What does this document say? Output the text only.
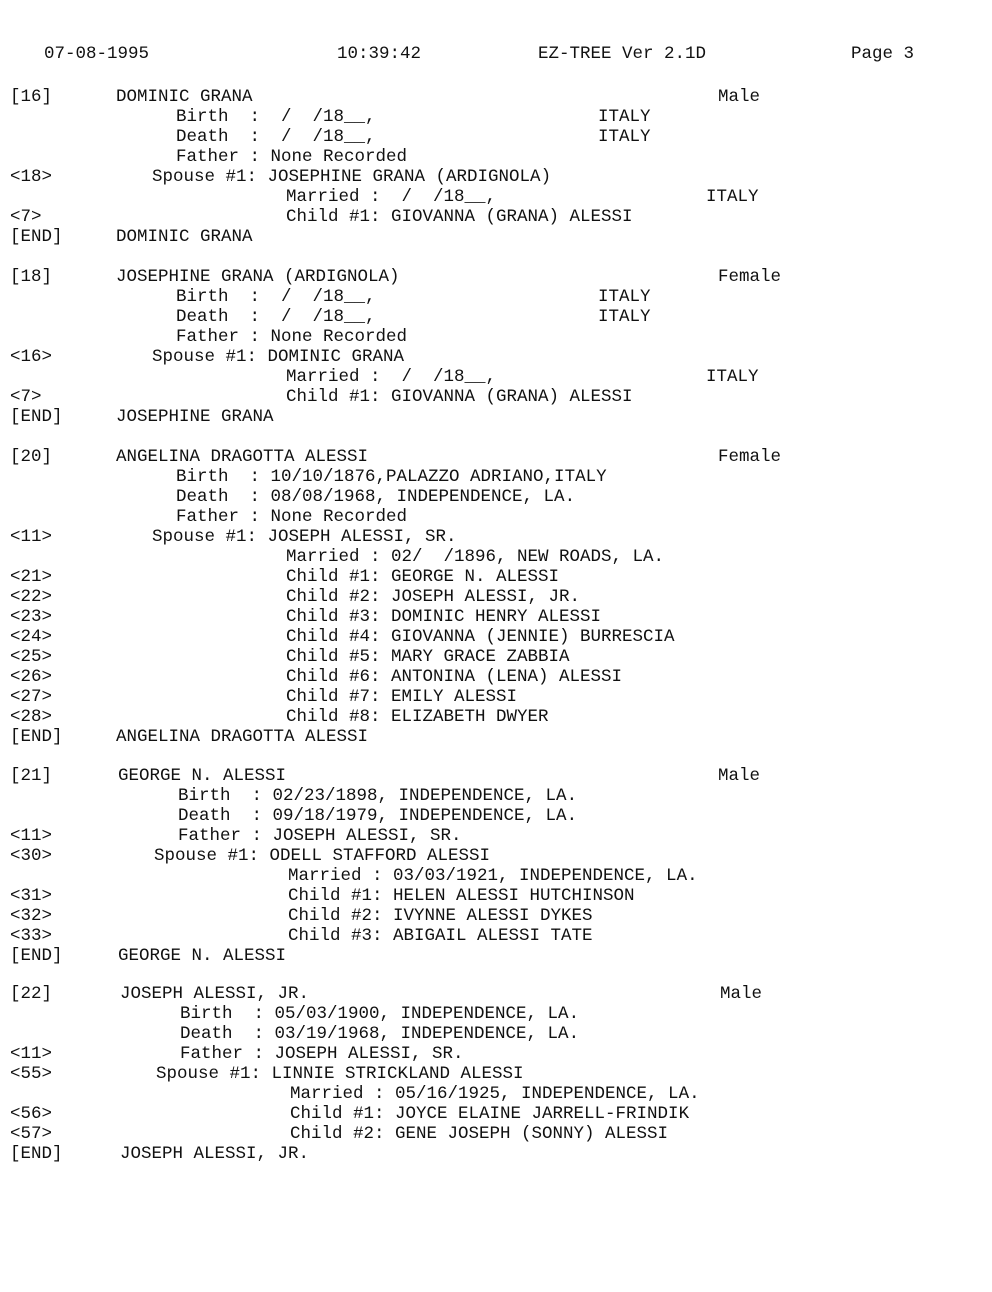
07-08-1995	10:39:42	EZ-TREE Ver 2.1D	Page 3
[16]	DOMINIC GRANA	Male
Birth  :  /  /18__,	ITALY
Death  :  /  /18__,	ITALY
Father : None Recorded
<18>	Spouse #1: JOSEPHINE GRANA (ARDIGNOLA)
Married :  /  /18__,	ITALY
<7>	Child #1: GIOVANNA (GRANA) ALESSI
[END]	DOMINIC GRANA
[18]	JOSEPHINE GRANA (ARDIGNOLA)	Female
Birth  :  /  /18__,	ITALY
Death  :  /  /18__,	ITALY
Father : None Recorded
<16>	Spouse #1: DOMINIC GRANA
Married :  /  /18__,	ITALY
<7>	Child #1: GIOVANNA (GRANA) ALESSI
[END]	JOSEPHINE GRANA
[20]	ANGELINA DRAGOTTA ALESSI	Female
Birth  : 10/10/1876,PALAZZO ADRIANO,ITALY
Death  : 08/08/1968, INDEPENDENCE, LA.
Father : None Recorded
<11>	Spouse #1: JOSEPH ALESSI, SR.
Married : 02/  /1896, NEW ROADS, LA.
<21>	Child #1: GEORGE N. ALESSI
<22>	Child #2: JOSEPH ALESSI, JR.
<23>	Child #3: DOMINIC HENRY ALESSI
<24>	Child #4: GIOVANNA (JENNIE) BURRESCIA
<25>	Child #5: MARY GRACE ZABBIA
<26>	Child #6: ANTONINA (LENA) ALESSI
<27>	Child #7: EMILY ALESSI
<28>	Child #8: ELIZABETH DWYER
[END]	ANGELINA DRAGOTTA ALESSI
[21]	GEORGE N. ALESSI	Male
Birth  : 02/23/1898, INDEPENDENCE, LA.
Death  : 09/18/1979, INDEPENDENCE, LA.
<11>	Father : JOSEPH ALESSI, SR.
<30>	Spouse #1: ODELL STAFFORD ALESSI
Married : 03/03/1921, INDEPENDENCE, LA.
<31>	Child #1: HELEN ALESSI HUTCHINSON
<32>	Child #2: IVYNNE ALESSI DYKES
<33>	Child #3: ABIGAIL ALESSI TATE
[END]	GEORGE N. ALESSI
[22]	JOSEPH ALESSI, JR.	Male
Birth  : 05/03/1900, INDEPENDENCE, LA.
Death  : 03/19/1968, INDEPENDENCE, LA.
<11>	Father : JOSEPH ALESSI, SR.
<55>	Spouse #1: LINNIE STRICKLAND ALESSI
Married : 05/16/1925, INDEPENDENCE, LA.
<56>	Child #1: JOYCE ELAINE JARRELL-FRINDIK
<57>	Child #2: GENE JOSEPH (SONNY) ALESSI
[END]	JOSEPH ALESSI, JR.
